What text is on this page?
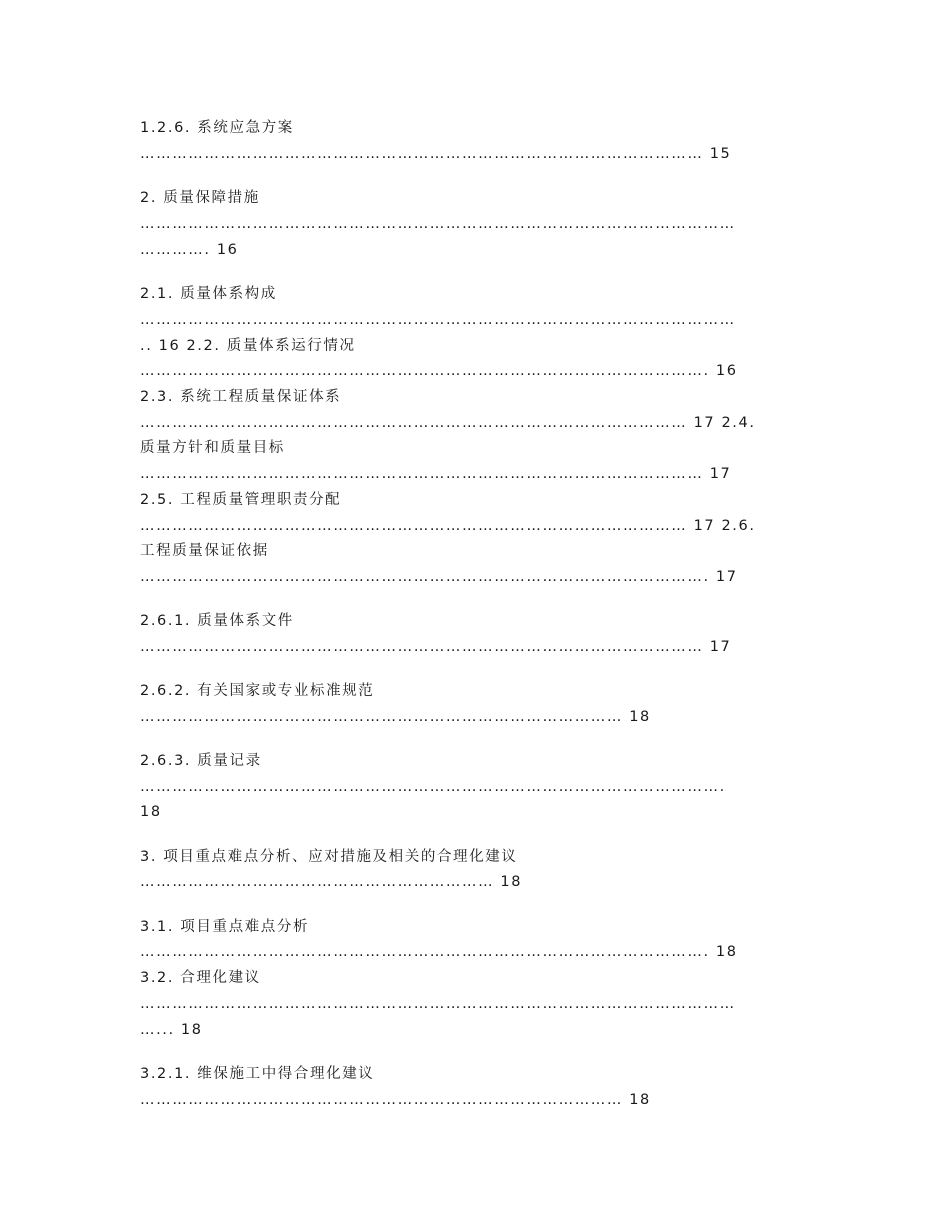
1.2.6. 系统应急方案

…………………………………………………………………………………………… 15

2. 质量保障措施

…………………………………………………………………………………………………

…………. 16

2.1. 质量体系构成

…………………………………………………………………………………………………

.. 16 2.2. 质量体系运行情况

……………………………………………………………………………………………. 16

2.3. 系统工程质量保证体系

………………………………………………………………………………………… 17 2.4.

质量方针和质量目标

…………………………………………………………………………………………… 17

2.5. 工程质量管理职责分配

………………………………………………………………………………………… 17 2.6.

工程质量保证依据

……………………………………………………………………………………………. 17

2.6.1. 质量体系文件

…………………………………………………………………………………………… 17

2.6.2. 有关国家或专业标准规范

……………………………………………………………………………… 18

2.6.3. 质量记录

……………………………………………………………………………………………….

18

3. 项目重点难点分析、应对措施及相关的合理化建议

………………………………………………………… 18

3.1. 项目重点难点分析

……………………………………………………………………………………………. 18

3.2. 合理化建议

…………………………………………………………………………………………………

…... 18

3.2.1. 维保施工中得合理化建议

……………………………………………………………………………… 18
